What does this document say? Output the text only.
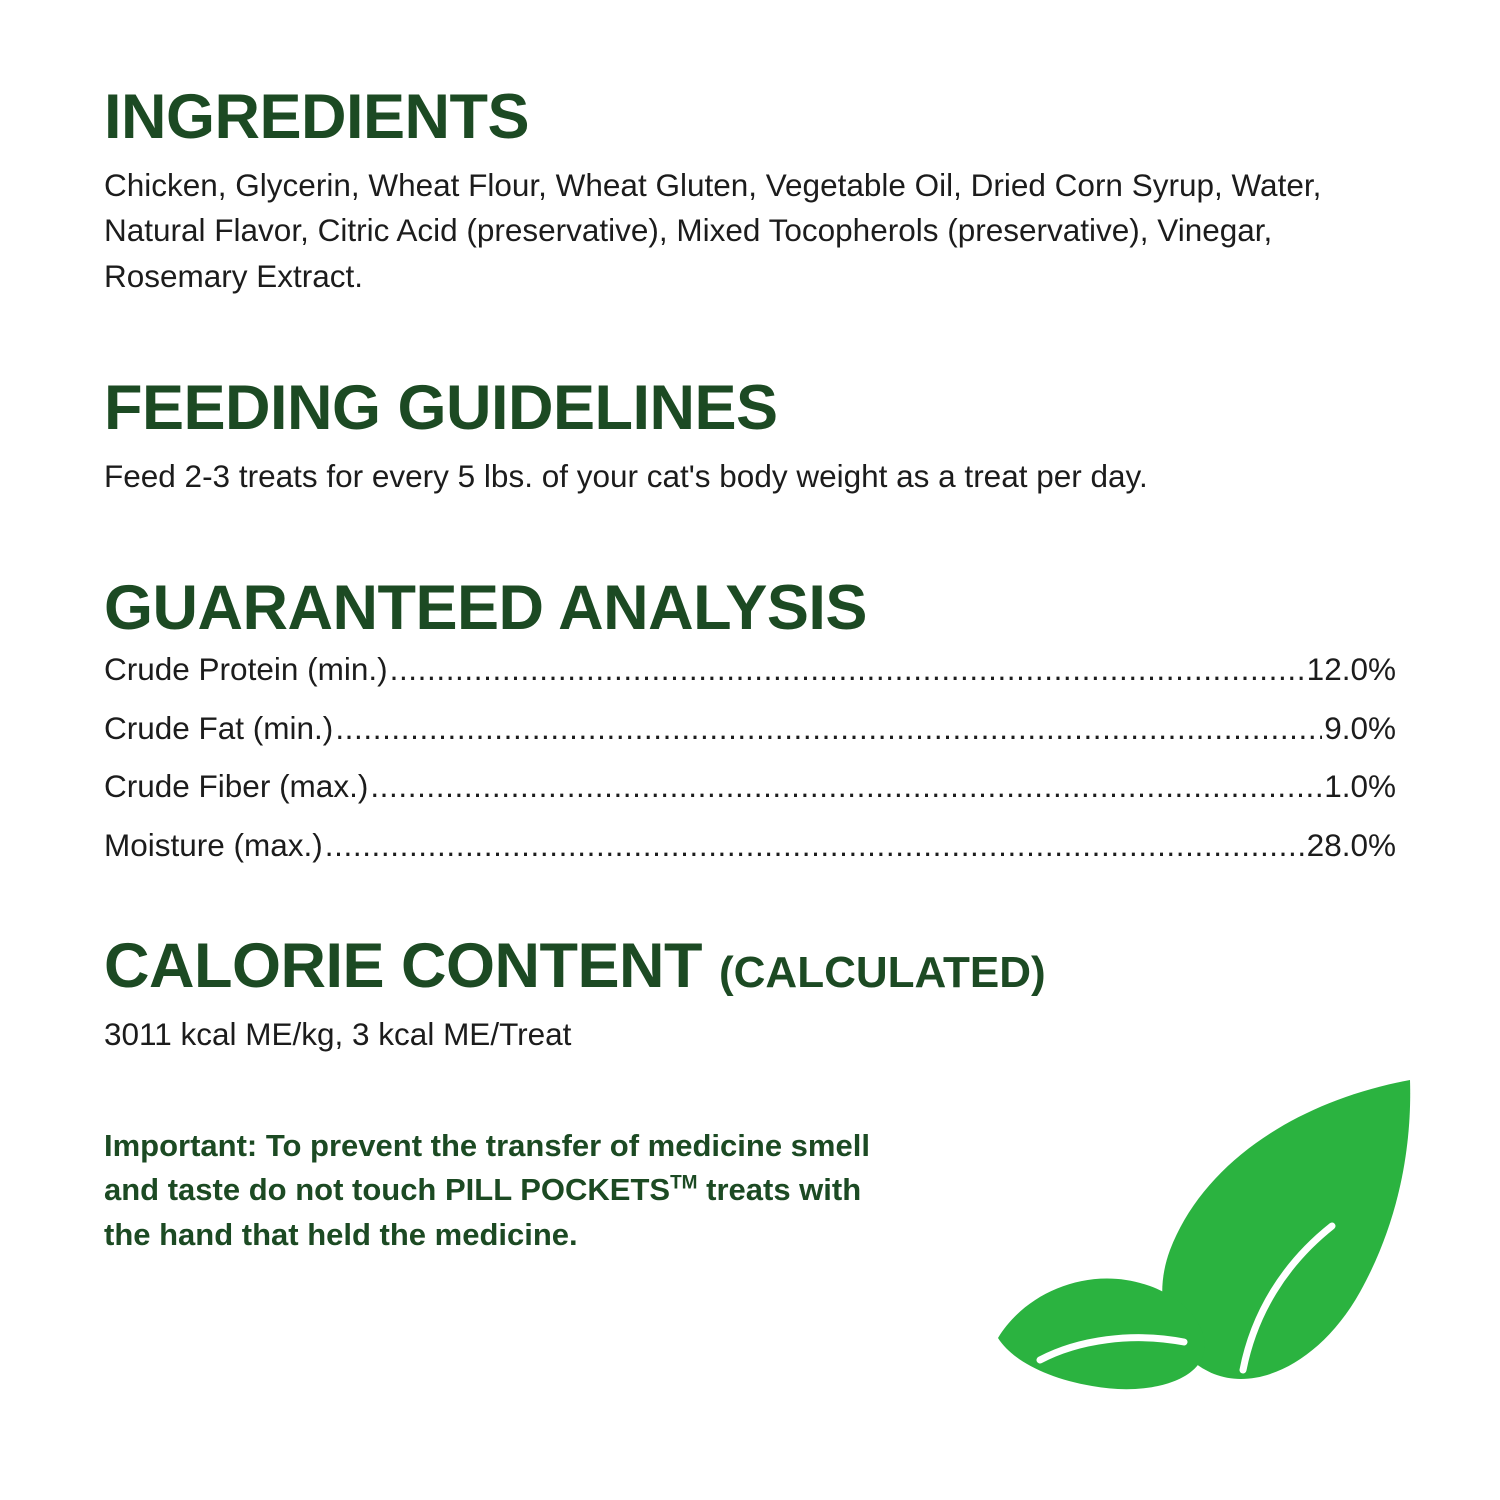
INGREDIENTS

Chicken, Glycerin, Wheat Flour, Wheat Gluten, Vegetable Oil, Dried Corn Syrup, Water, Natural Flavor, Citric Acid (preservative), Mixed Tocopherols (preservative), Vinegar, Rosemary Extract.

FEEDING GUIDELINES

Feed 2-3 treats for every 5 lbs. of your cat's body weight as a treat per day.

GUARANTEED ANALYSIS
Crude Protein (min.) .....	12.0%
Crude Fat (min.) .....	9.0%
Crude Fiber (max.) .....	1.0%
Moisture (max.) .....	28.0%
CALORIE CONTENT (CALCULATED)

3011 kcal ME/kg, 3 kcal ME/Treat

Important: To prevent the transfer of medicine smell and taste do not touch PILL POCKETS™ treats with the hand that held the medicine.
